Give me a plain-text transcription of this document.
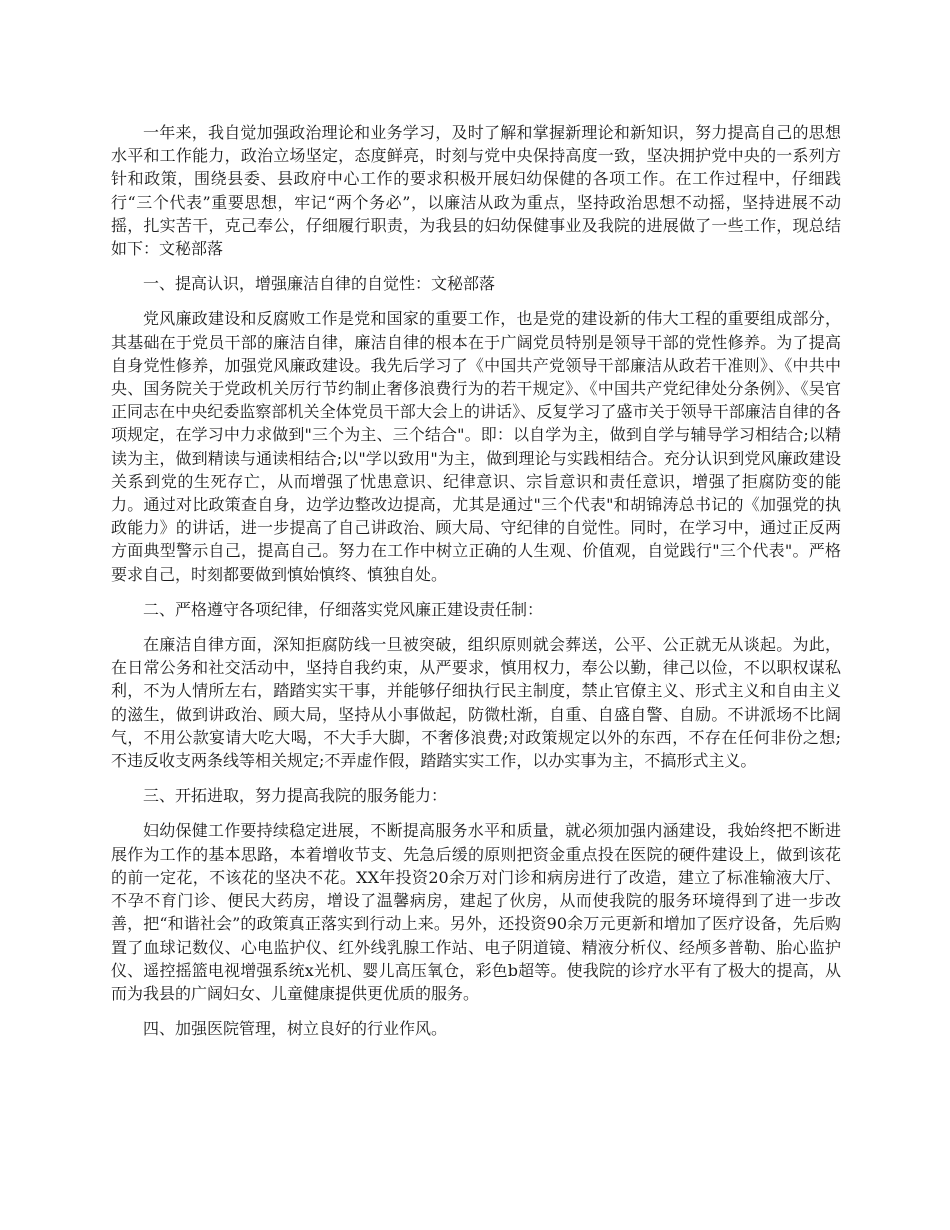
一年来，我自觉加强政治理论和业务学习，及时了解和掌握新理论和新知识，努力提高自己的思想水平和工作能力，政治立场坚定，态度鲜亮，时刻与党中央保持高度一致，坚决拥护党中央的一系列方针和政策，围绕县委、县政府中心工作的要求积极开展妇幼保健的各项工作。在工作过程中，仔细践行“三个代表”重要思想，牢记“两个务必”，以廉洁从政为重点，坚持政治思想不动摇，坚持进展不动摇，扎实苦干，克己奉公，仔细履行职责，为我县的妇幼保健事业及我院的进展做了一些工作，现总结如下：文秘部落

一、提高认识，增强廉洁自律的自觉性：文秘部落

党风廉政建设和反腐败工作是党和国家的重要工作，也是党的建设新的伟大工程的重要组成部分，其基础在于党员干部的廉洁自律，廉洁自律的根本在于广阔党员特别是领导干部的党性修养。为了提高自身党性修养，加强党风廉政建设。我先后学习了《中国共产党领导干部廉洁从政若干准则》、《中共中央、国务院关于党政机关厉行节约制止奢侈浪费行为的若干规定》、《中国共产党纪律处分条例》、《吴官正同志在中央纪委监察部机关全体党员干部大会上的讲话》、反复学习了盛市关于领导干部廉洁自律的各项规定，在学习中力求做到"三个为主、三个结合"。即：以自学为主，做到自学与辅导学习相结合;以精读为主，做到精读与通读相结合;以"学以致用"为主，做到理论与实践相结合。充分认识到党风廉政建设关系到党的生死存亡，从而增强了忧患意识、纪律意识、宗旨意识和责任意识，增强了拒腐防变的能力。通过对比政策查自身，边学边整改边提高，尤其是通过"三个代表"和胡锦涛总书记的《加强党的执政能力》的讲话，进一步提高了自己讲政治、顾大局、守纪律的自觉性。同时，在学习中，通过正反两方面典型警示自己，提高自己。努力在工作中树立正确的人生观、价值观，自觉践行"三个代表"。严格要求自己，时刻都要做到慎始慎终、慎独自处。

二、严格遵守各项纪律，仔细落实党风廉正建设责任制：

在廉洁自律方面，深知拒腐防线一旦被突破，组织原则就会葬送，公平、公正就无从谈起。为此，在日常公务和社交活动中，坚持自我约束，从严要求，慎用权力，奉公以勤，律己以俭，不以职权谋私利，不为人情所左右，踏踏实实干事，并能够仔细执行民主制度，禁止官僚主义、形式主义和自由主义的滋生，做到讲政治、顾大局，坚持从小事做起，防微杜渐，自重、自盛自警、自励。不讲派场不比阔气，不用公款宴请大吃大喝，不大手大脚，不奢侈浪费;对政策规定以外的东西，不存在任何非份之想;不违反收支两条线等相关规定;不弄虚作假，踏踏实实工作，以办实事为主，不搞形式主义。

三、开拓进取，努力提高我院的服务能力：

妇幼保健工作要持续稳定进展，不断提高服务水平和质量，就必须加强内涵建设，我始终把不断进展作为工作的基本思路，本着增收节支、先急后缓的原则把资金重点投在医院的硬件建设上，做到该花的前一定花，不该花的坚决不花。XX年投资20余万对门诊和病房进行了改造，建立了标准输液大厅、不孕不育门诊、便民大药房，增设了温馨病房，建起了伙房，从而使我院的服务环境得到了进一步改善，把“和谐社会”的政策真正落实到行动上来。另外，还投资90余万元更新和增加了医疗设备，先后购置了血球记数仪、心电监护仪、红外线乳腺工作站、电子阴道镜、精液分析仪、经颅多普勒、胎心监护仪、遥控摇篮电视增强系统x光机、婴儿高压氧仓，彩色b超等。使我院的诊疗水平有了极大的提高，从而为我县的广阔妇女、儿童健康提供更优质的服务。

四、加强医院管理，树立良好的行业作风。
